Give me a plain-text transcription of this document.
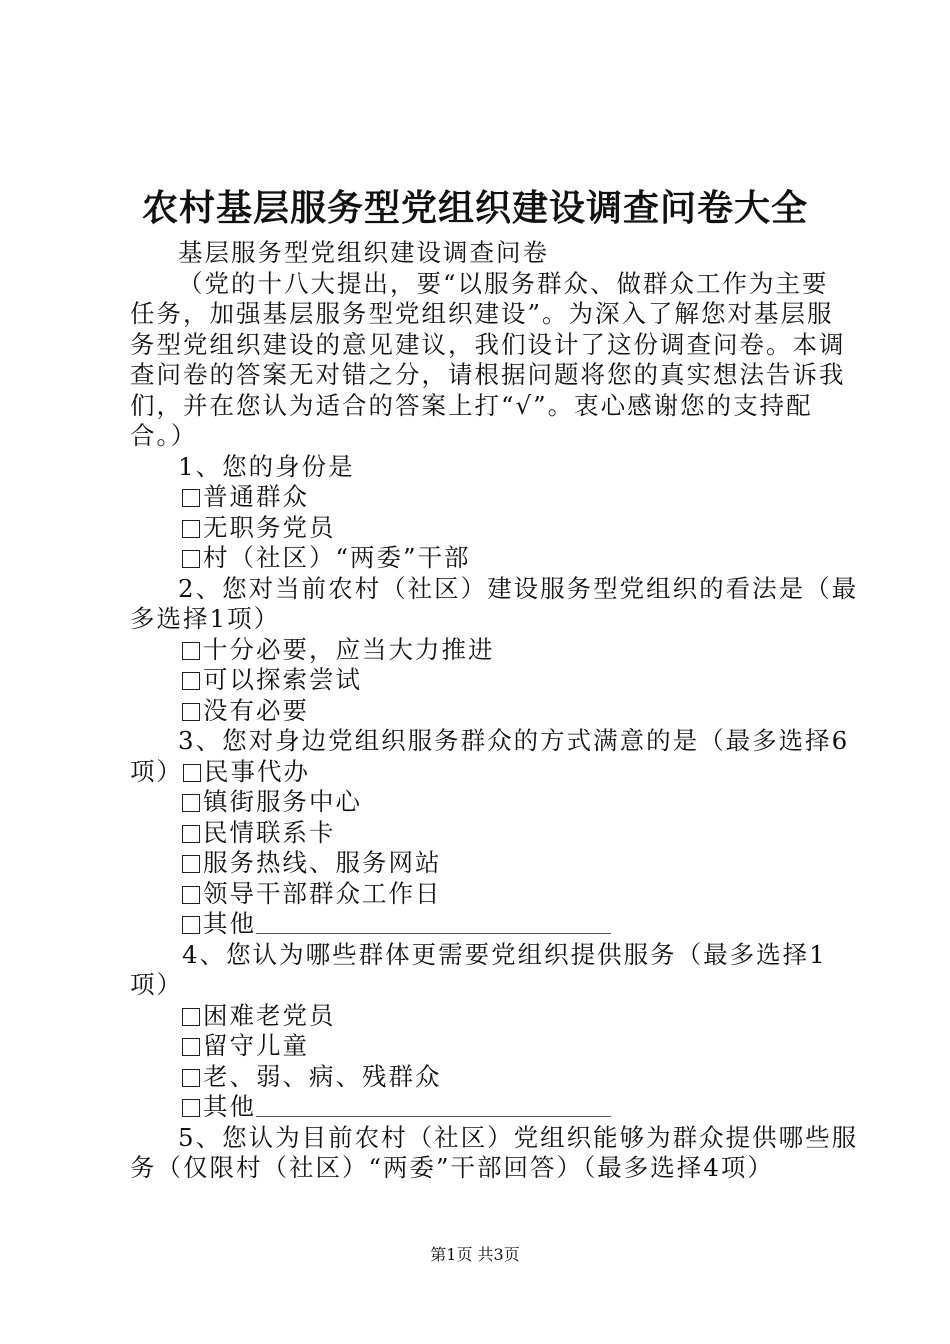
农村基层服务型党组织建设调查问卷大全
基层服务型党组织建设调查问卷
（党的十八大提出，要“以服务群众、做群众工作为主要
任务，加强基层服务型党组织建设”。为深入了解您对基层服
务型党组织建设的意见建议，我们设计了这份调查问卷。本调
查问卷的答案无对错之分，请根据问题将您的真实想法告诉我
们，并在您认为适合的答案上打“√”。衷心感谢您的支持配
合。）
1、您的身份是
普通群众
无职务党员
村（社区）“两委”干部
2、您对当前农村（社区）建设服务型党组织的看法是（最
多选择1项）
十分必要，应当大力推进
可以探索尝试
没有必要
3、您对身边党组织服务群众的方式满意的是（最多选择6
项） 民事代办
镇街服务中心
民情联系卡
服务热线、服务网站
领导干部群众工作日
其他
4、您认为哪些群体更需要党组织提供服务（最多选择1
项）
困难老党员
留守儿童
老、弱、病、残群众
其他
5、您认为目前农村（社区）党组织能够为群众提供哪些服
务（仅限村（社区）“两委”干部回答）（最多选择4项）
第1页 共3页
